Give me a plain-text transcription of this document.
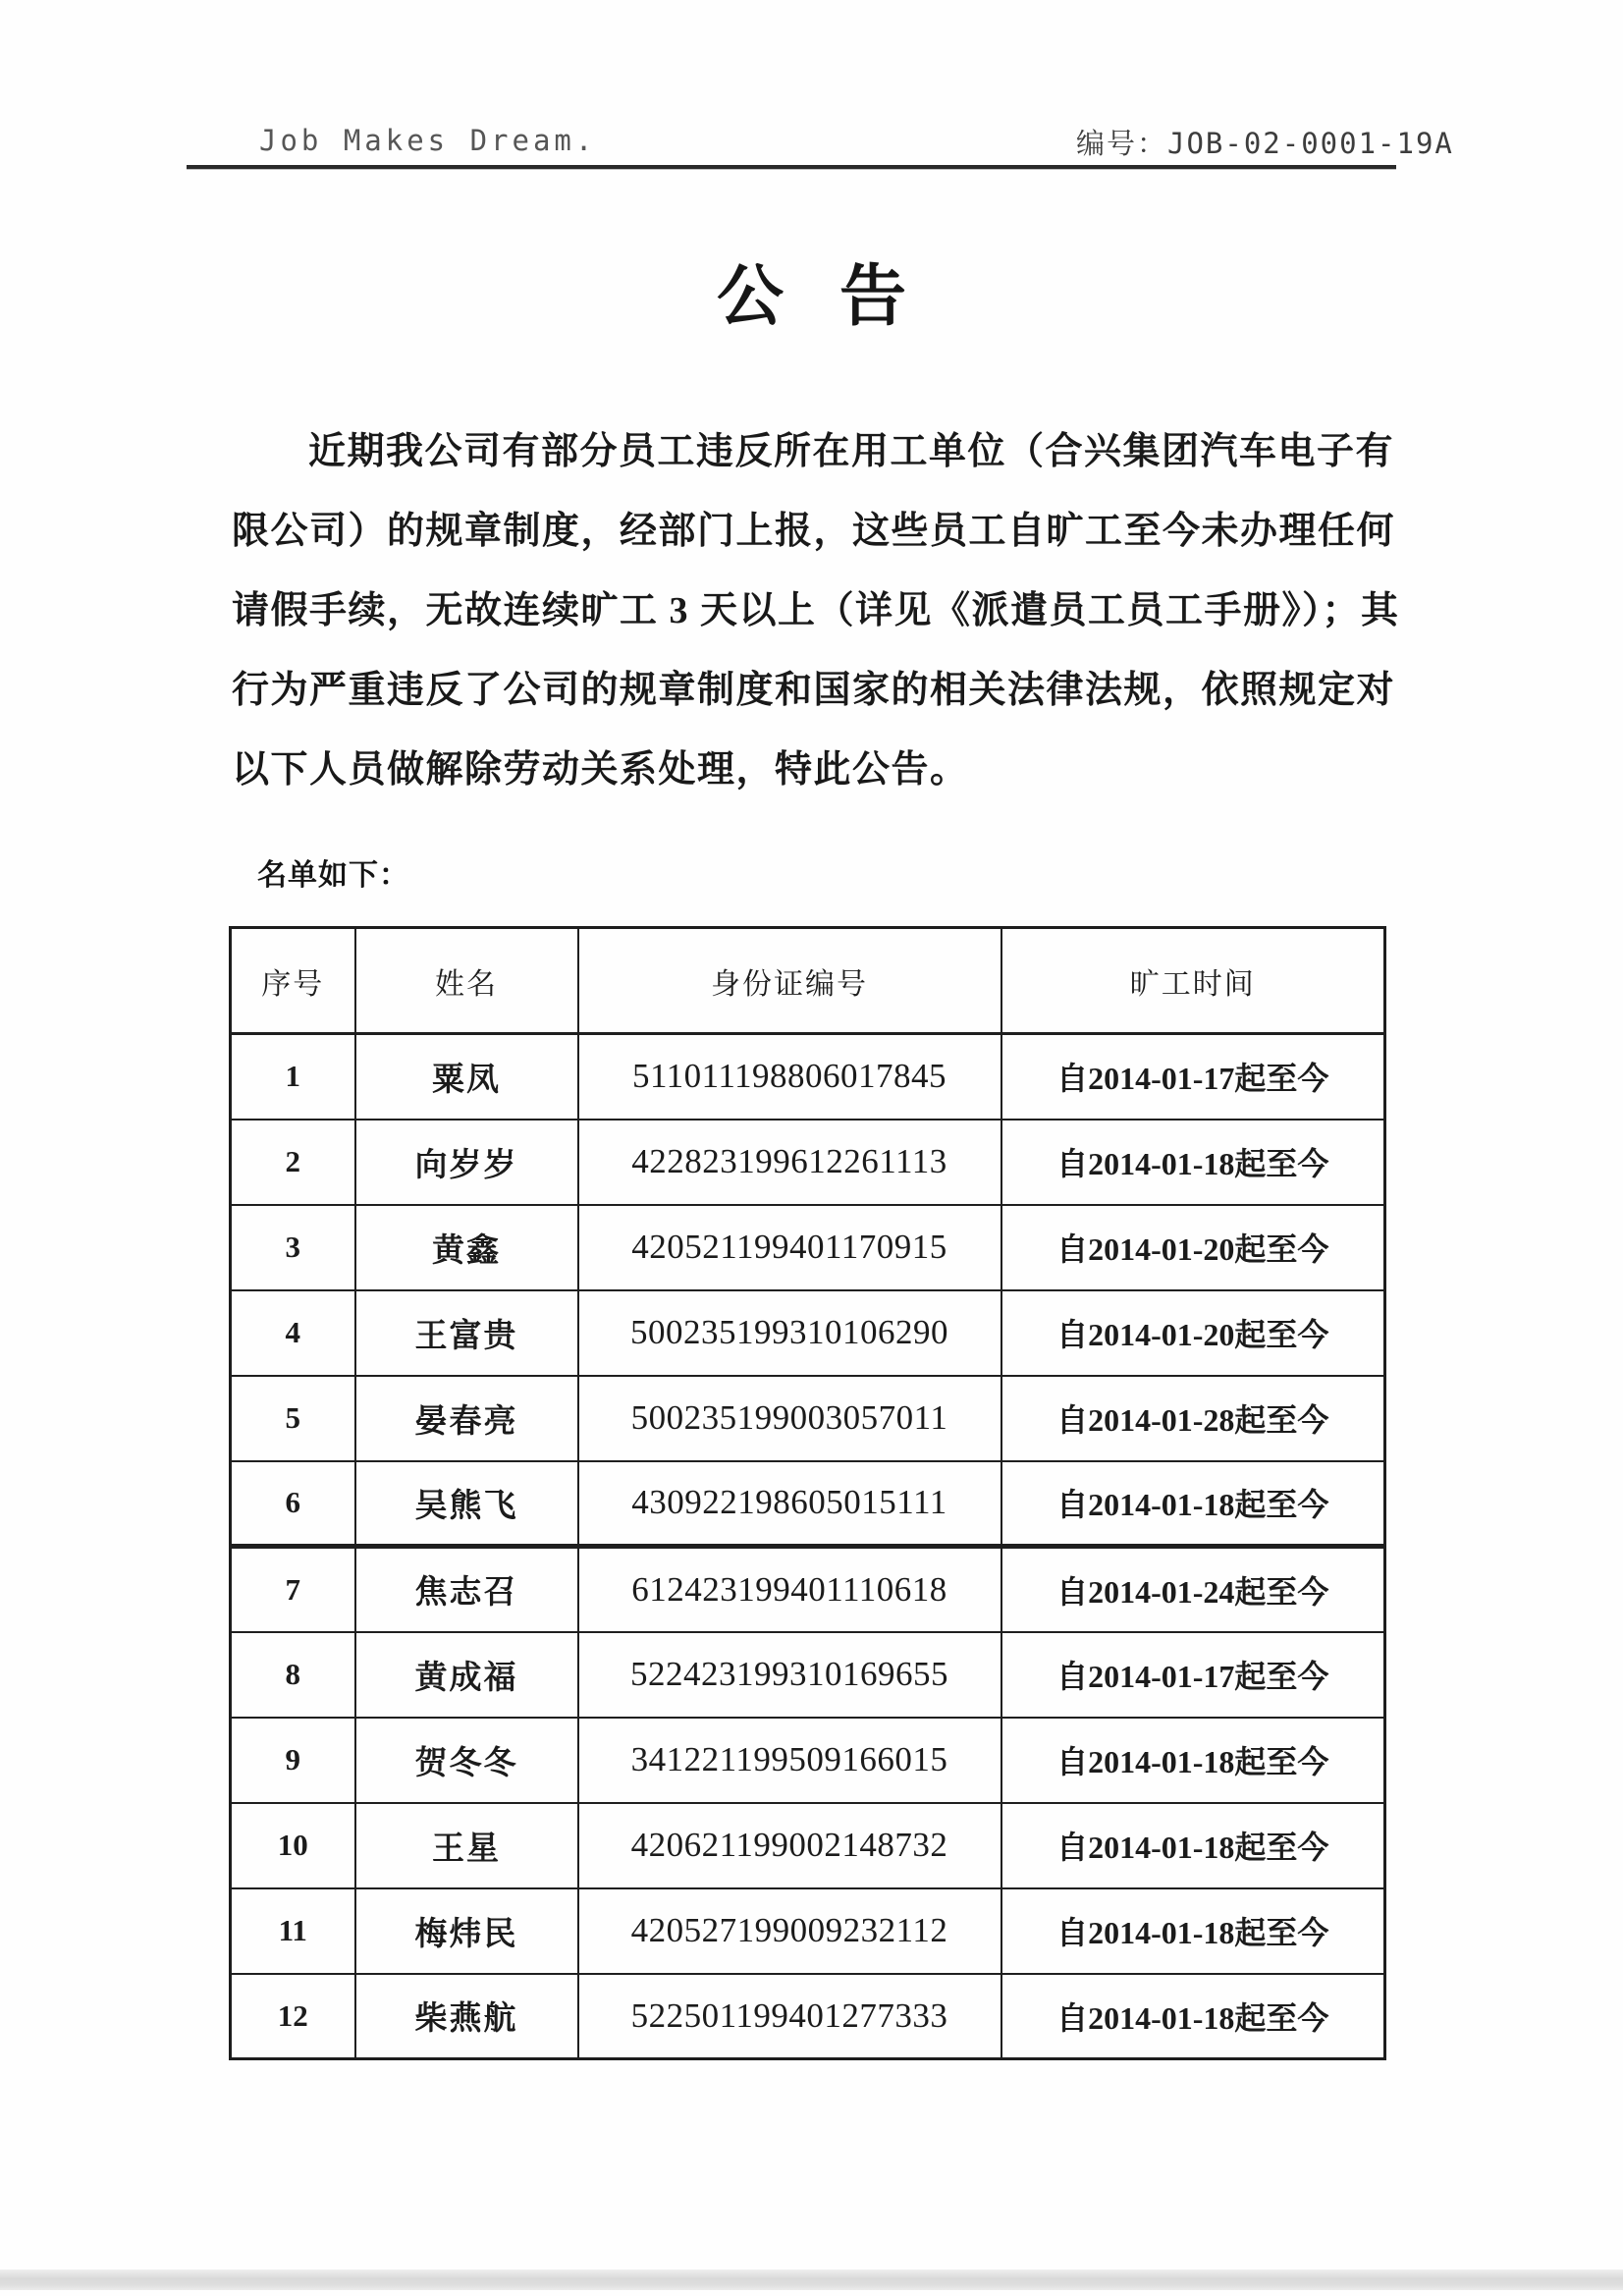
Job Makes Dream.	编号：JOB-02-0001-19A
公 告
近期我公司有部分员工违反所在用工单位（合兴集团汽车电子有
限公司）的规章制度，经部门上报，这些员工自旷工至今未办理任何
请假手续，无故连续旷工 3 天以上（详见《派遣员工员工手册》）；其
行为严重违反了公司的规章制度和国家的相关法律法规，依照规定对
以下人员做解除劳动关系处理，特此公告。
名单如下：
序号	姓名	身份证编号	旷工时间
1	粟凤	511011198806017845	自2014-01-17起至今
2	向岁岁	422823199612261113	自2014-01-18起至今
3	黄鑫	420521199401170915	自2014-01-20起至今
4	王富贵	500235199310106290	自2014-01-20起至今
5	晏春亮	500235199003057011	自2014-01-28起至今
6	吴熊飞	430922198605015111	自2014-01-18起至今
7	焦志召	612423199401110618	自2014-01-24起至今
8	黄成福	522423199310169655	自2014-01-17起至今
9	贺冬冬	341221199509166015	自2014-01-18起至今
10	王星	420621199002148732	自2014-01-18起至今
11	梅炜民	420527199009232112	自2014-01-18起至今
12	柴燕航	522501199401277333	自2014-01-18起至今
